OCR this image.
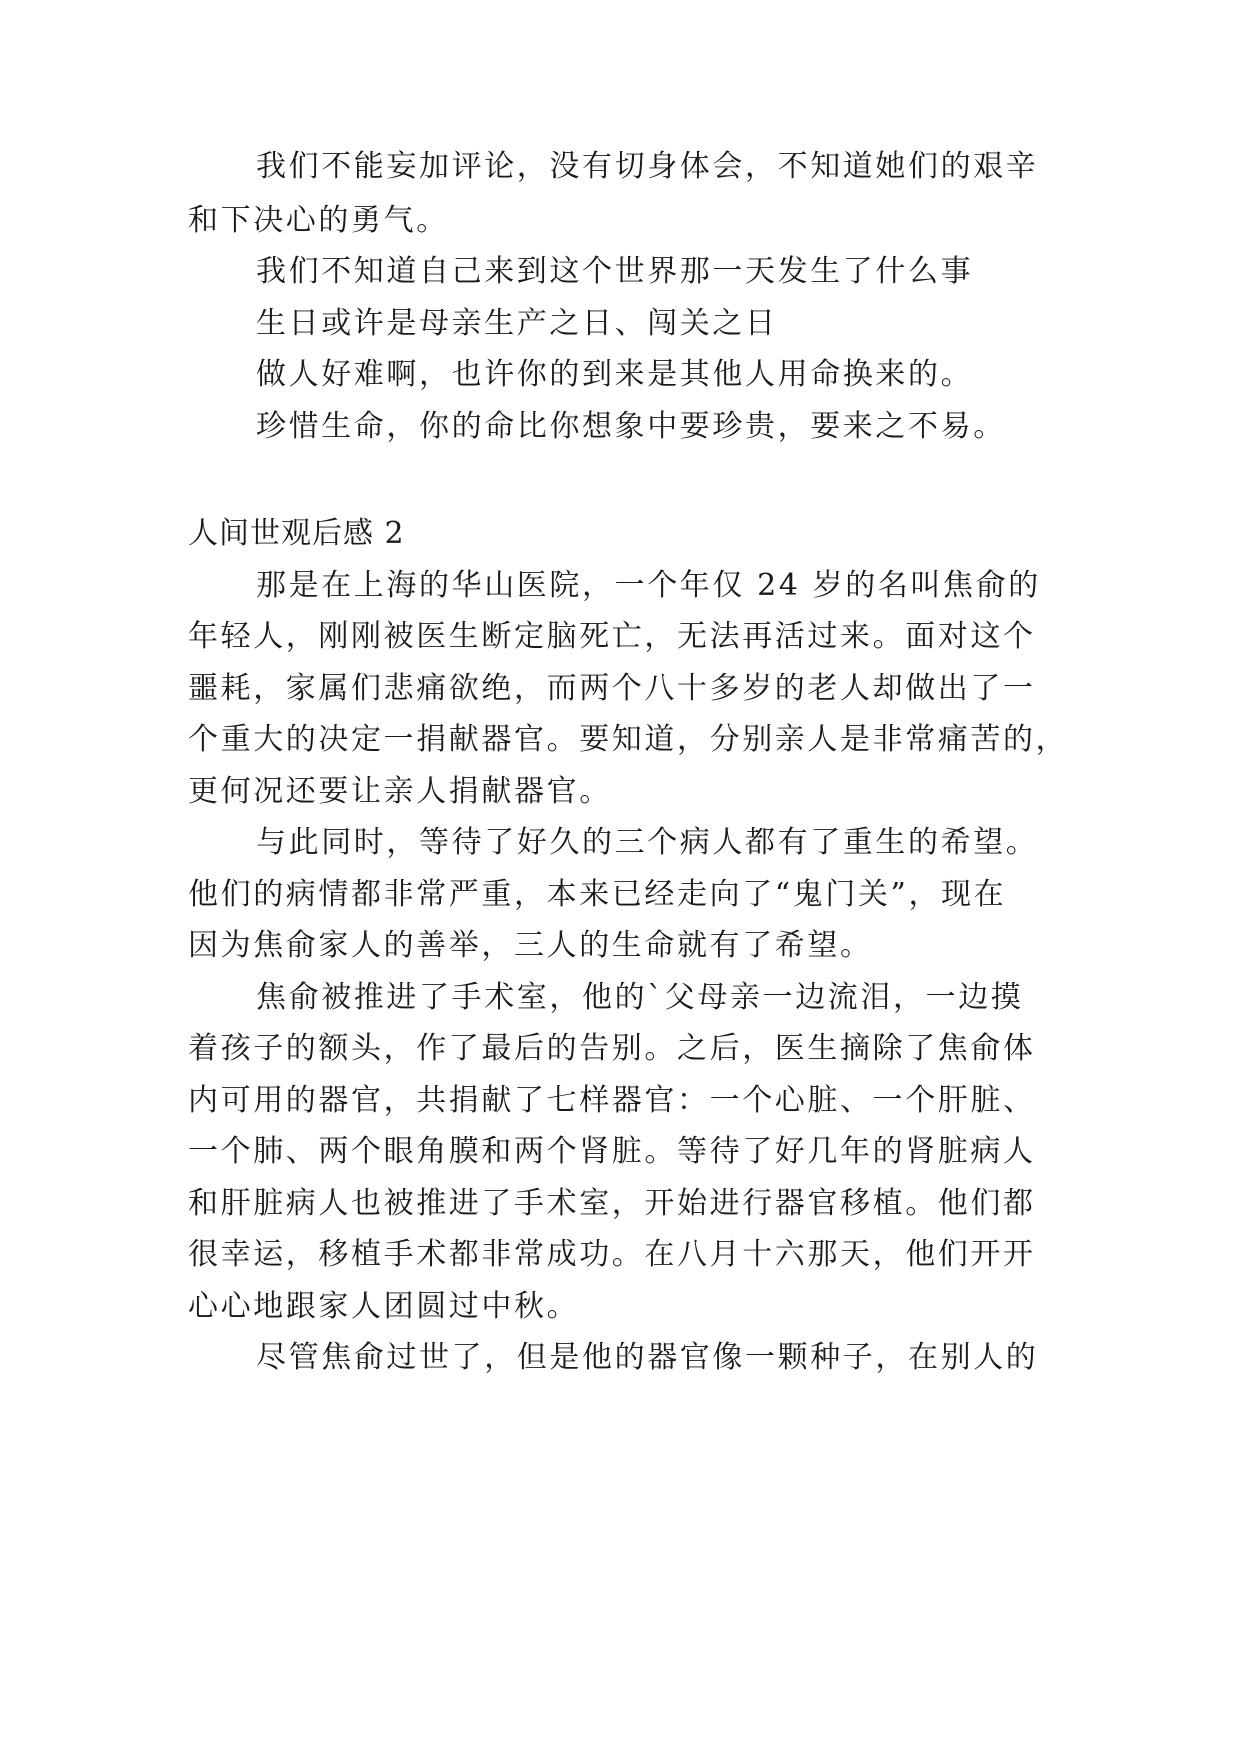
我们不能妄加评论，没有切身体会，不知道她们的艰辛
和下决心的勇气。
我们不知道自己来到这个世界那一天发生了什么事
生日或许是母亲生产之日、闯关之日
做人好难啊，也许你的到来是其他人用命换来的。
珍惜生命，你的命比你想象中要珍贵，要来之不易。
人间世观后感 2
那是在上海的华山医院，一个年仅 24 岁的名叫焦俞的
年轻人，刚刚被医生断定脑死亡，无法再活过来。面对这个
噩耗，家属们悲痛欲绝，而两个八十多岁的老人却做出了一
个重大的决定一捐献器官。要知道，分别亲人是非常痛苦的，
更何况还要让亲人捐献器官。
与此同时，等待了好久的三个病人都有了重生的希望。
他们的病情都非常严重，本来已经走向了“鬼门关”，现在
因为焦俞家人的善举，三人的生命就有了希望。
焦俞被推进了手术室，他的`父母亲一边流泪，一边摸
着孩子的额头，作了最后的告别。之后，医生摘除了焦俞体
内可用的器官，共捐献了七样器官：一个心脏、一个肝脏、
一个肺、两个眼角膜和两个肾脏。等待了好几年的肾脏病人
和肝脏病人也被推进了手术室，开始进行器官移植。他们都
很幸运，移植手术都非常成功。在八月十六那天，他们开开
心心地跟家人团圆过中秋。
尽管焦俞过世了，但是他的器官像一颗种子，在别人的
